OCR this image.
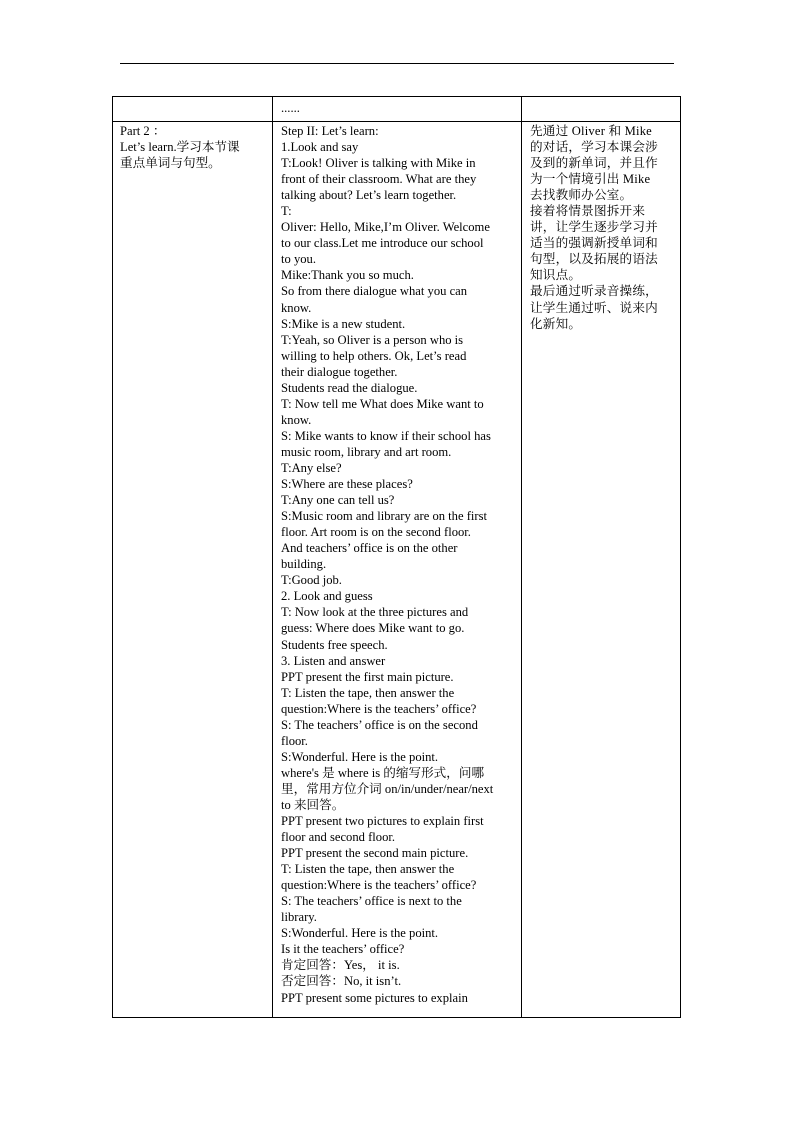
......
Part 2 ：
Let’s learn.学习本节课
重点单词与句型。
Step II: Let’s learn:
1.Look and say
T:Look! Oliver is talking with Mike in
front of their classroom. What are they
talking about? Let’s learn together.
T:
Oliver: Hello, Mike,I’m Oliver. Welcome
to our class.Let me introduce our school
to you.
Mike:Thank you so much.
So from there dialogue what you can
know.
S:Mike is a new student.
T:Yeah, so Oliver is a person who is
willing to help others. Ok, Let’s read
their dialogue together.
Students read the dialogue.
T: Now tell me What does Mike want to
know.
S: Mike wants to know if their school has
music room, library and art room.
T:Any else?
S:Where are these places?
T:Any one can tell us?
S:Music room and library are on the first
floor. Art room is on the second floor.
And teachers’ office is on the other
building.
T:Good job.
2. Look and guess
T: Now look at the three pictures and
guess: Where does Mike want to go.
Students free speech.
3. Listen and answer
PPT present the first main picture.
T: Listen the tape, then answer the
question:Where is the teachers’ office?
S: The teachers’ office is on the second
floor.
S:Wonderful. Here is the point.
where's 是 where is 的缩写形式，问哪
里，常用方位介词 on/in/under/near/next
to 来回答。
PPT present two pictures to explain first
floor and second floor.
PPT present the second main picture.
T: Listen the tape, then answer the
question:Where is the teachers’ office?
S: The teachers’ office is next to the
library.
S:Wonderful. Here is the point.
Is it the teachers’ office?
肯定回答：Yes， it is.
否定回答：No, it isn’t.
PPT present some pictures to explain
先通过 Oliver 和 Mike
的对话，学习本课会涉
及到的新单词，并且作
为一个情境引出 Mike
去找教师办公室。
接着将情景图拆开来
讲，让学生逐步学习并
适当的强调新授单词和
句型，以及拓展的语法
知识点。
最后通过听录音操练，
让学生通过听、说来内
化新知。
